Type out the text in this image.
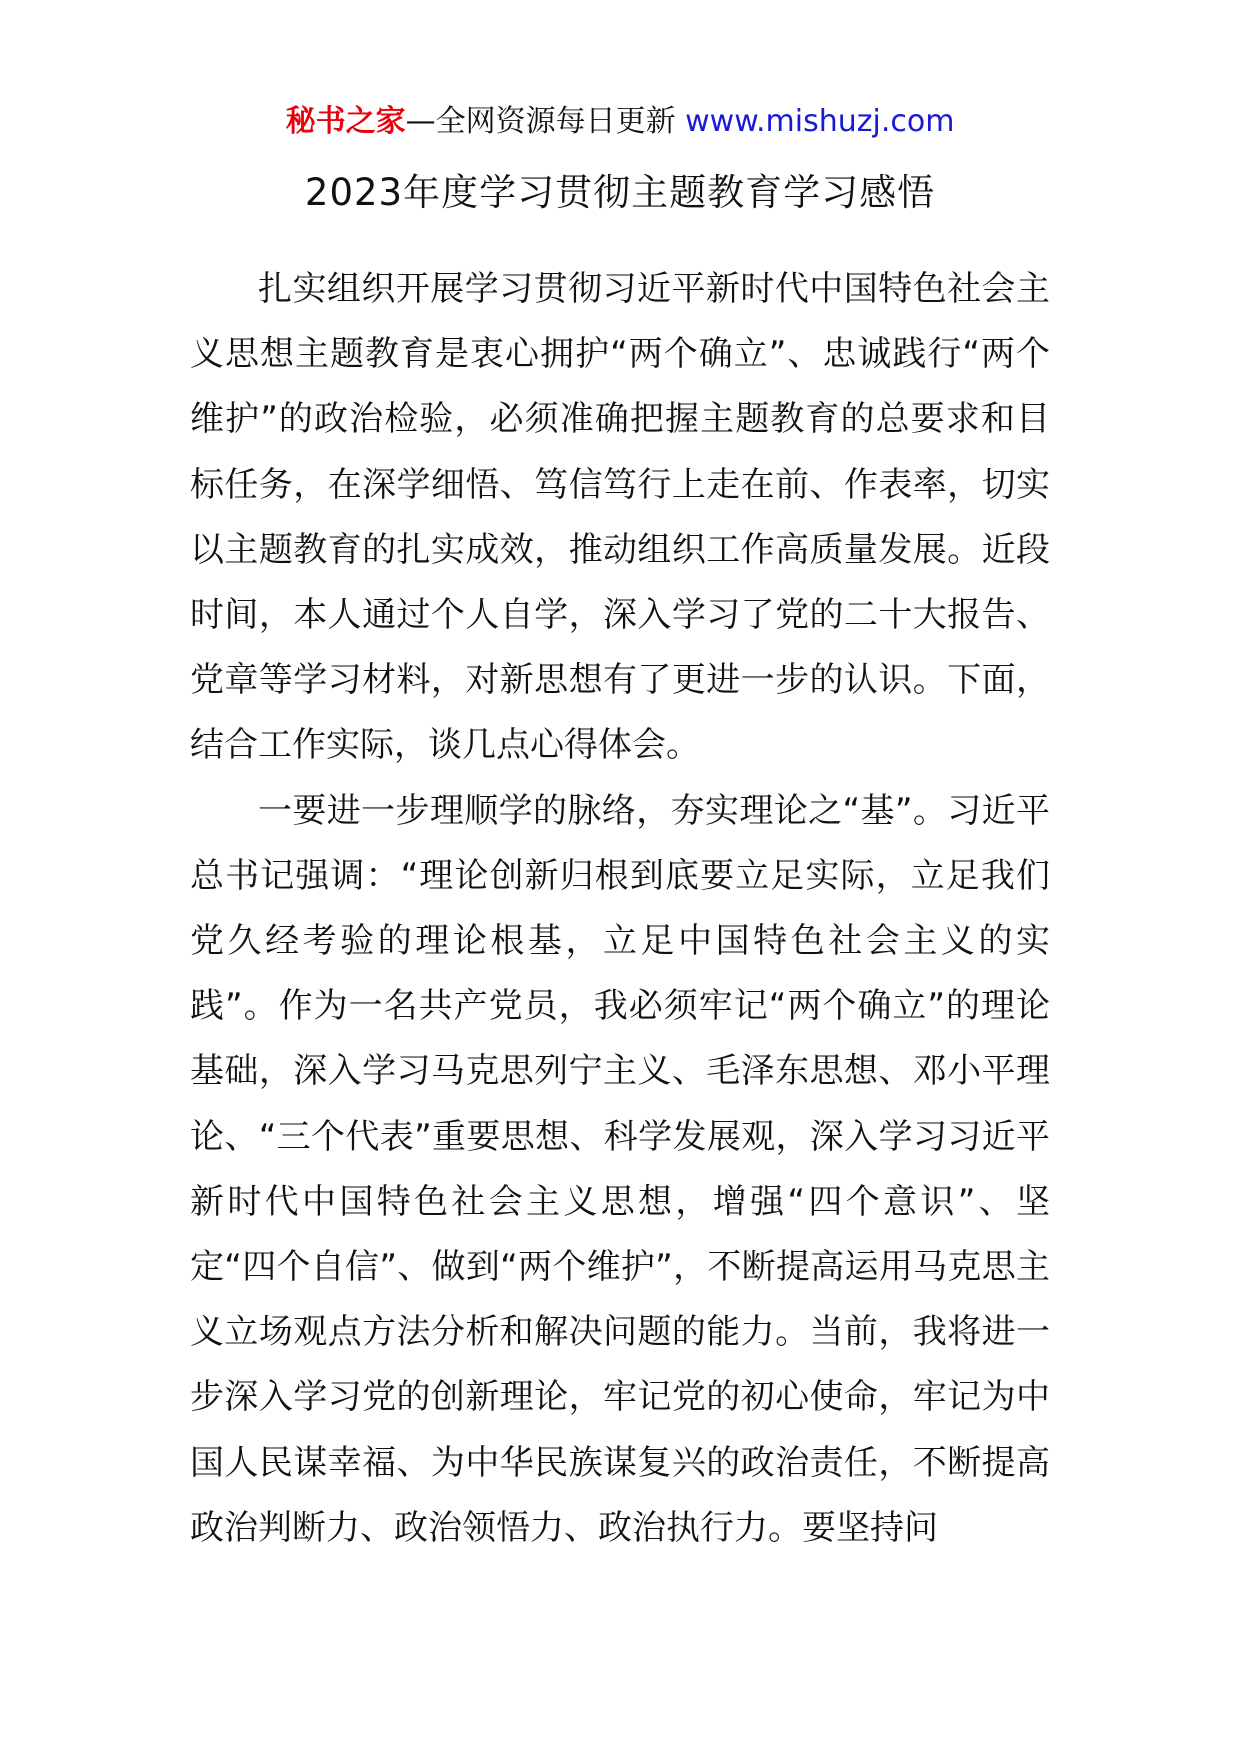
秘书之家—全网资源每日更新 www.mishuzj.com
2023年度学习贯彻主题教育学习感悟

扎实组织开展学习贯彻习近平新时代中国特色社会主义思想主题教育是衷心拥护“两个确立”、忠诚践行“两个维护”的政治检验，必须准确把握主题教育的总要求和目标任务，在深学细悟、笃信笃行上走在前、作表率，切实以主题教育的扎实成效，推动组织工作高质量发展。近段时间，本人通过个人自学，深入学习了党的二十大报告、党章等学习材料，对新思想有了更进一步的认识。下面，结合工作实际，谈几点心得体会。

一要进一步理顺学的脉络，夯实理论之“基”。习近平总书记强调：“理论创新归根到底要立足实际，立足我们党久经考验的理论根基，立足中国特色社会主义的实践”。作为一名共产党员，我必须牢记“两个确立”的理论基础，深入学习马克思列宁主义、毛泽东思想、邓小平理论、“三个代表”重要思想、科学发展观，深入学习习近平新时代中国特色社会主义思想，增强“四个意识”、坚定“四个自信”、做到“两个维护”，不断提高运用马克思主义立场观点方法分析和解决问题的能力。当前，我将进一步深入学习党的创新理论，牢记党的初心使命，牢记为中国人民谋幸福、为中华民族谋复兴的政治责任，不断提高政治判断力、政治领悟力、政治执行力。要坚持问
